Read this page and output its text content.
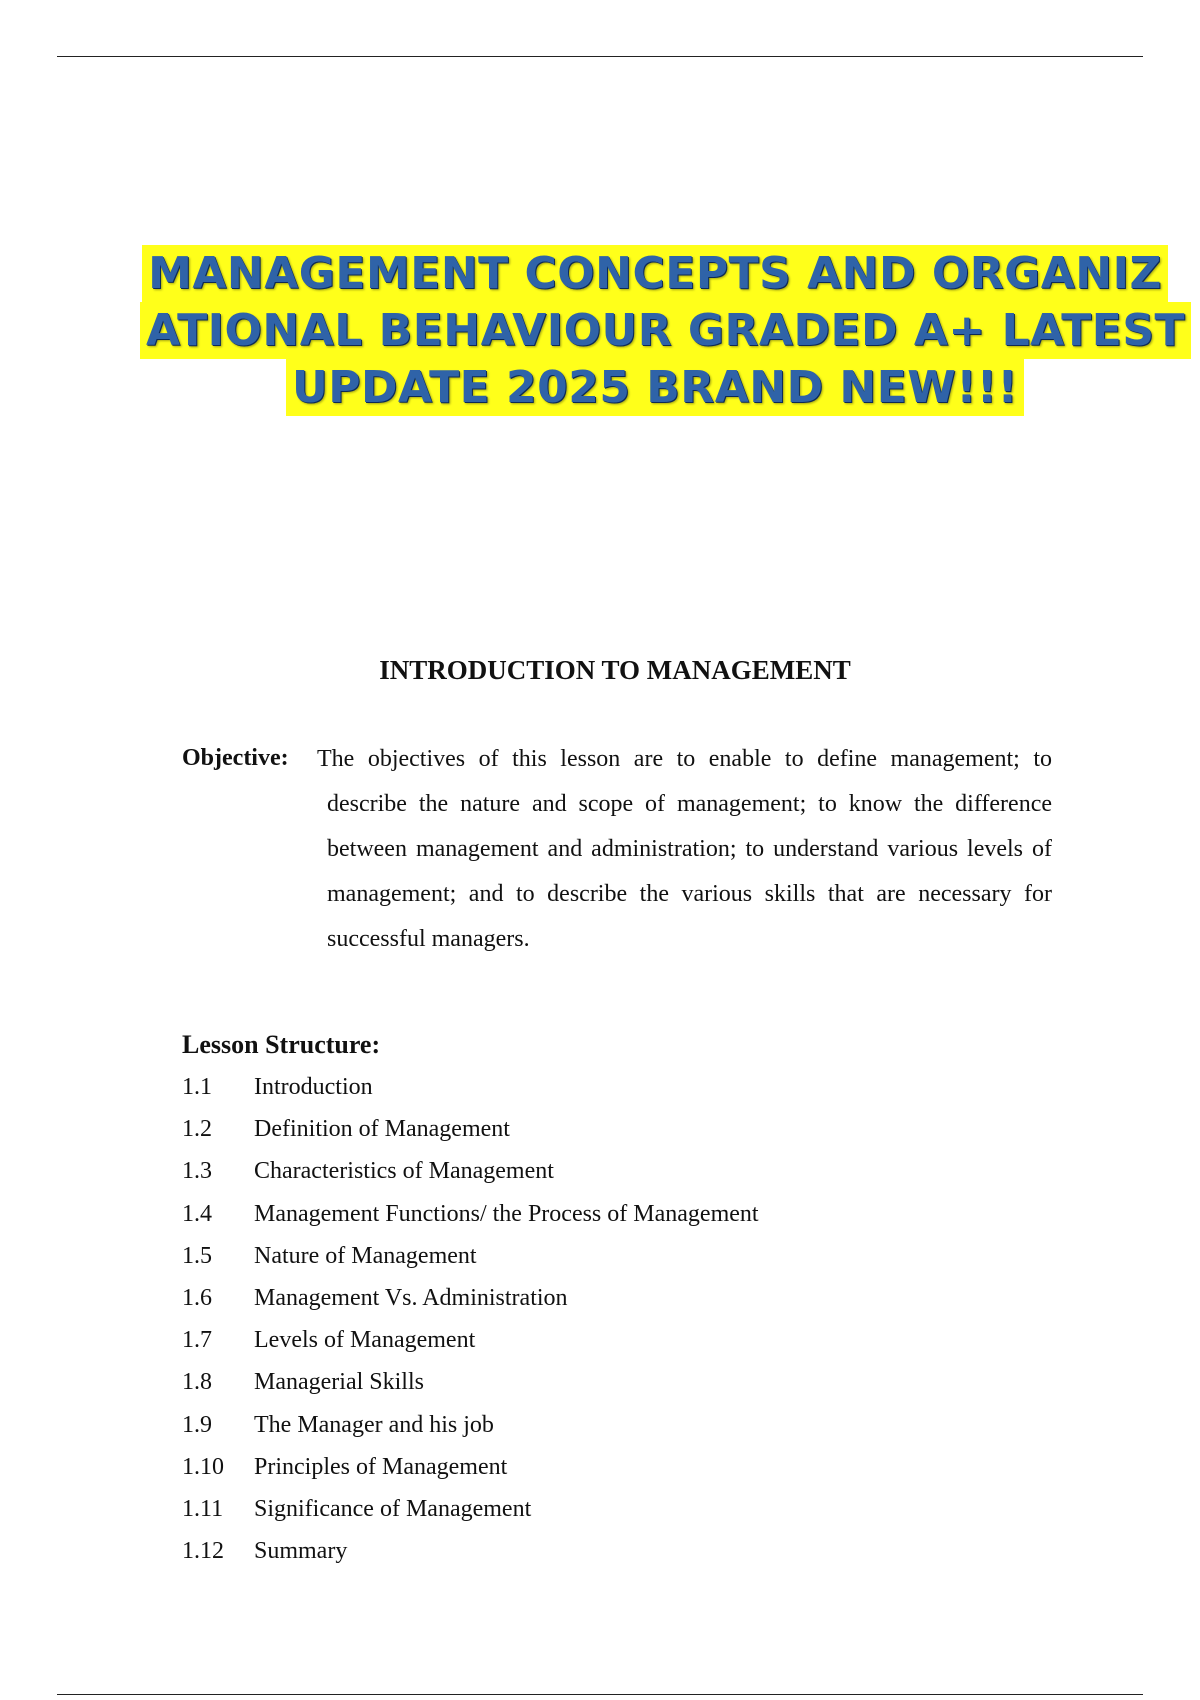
MANAGEMENT CONCEPTS AND ORGANIZ
ATIONAL BEHAVIOUR GRADED A+ LATEST
UPDATE 2025 BRAND NEW!!!
INTRODUCTION TO MANAGEMENT
Objective:	The objectives of this lesson are to enable to define management; to describe the nature and scope of management; to know the difference between management and administration; to understand various levels of management; and to describe the various skills that are necessary for successful managers.

Lesson Structure:
1.1	Introduction
1.2	Definition of Management
1.3	Characteristics of Management
1.4	Management Functions/ the Process of Management
1.5	Nature of Management
1.6	Management Vs. Administration
1.7	Levels of Management
1.8	Managerial Skills
1.9	The Manager and his job
1.10	Principles of Management
1.11	Significance of Management
1.12	Summary
